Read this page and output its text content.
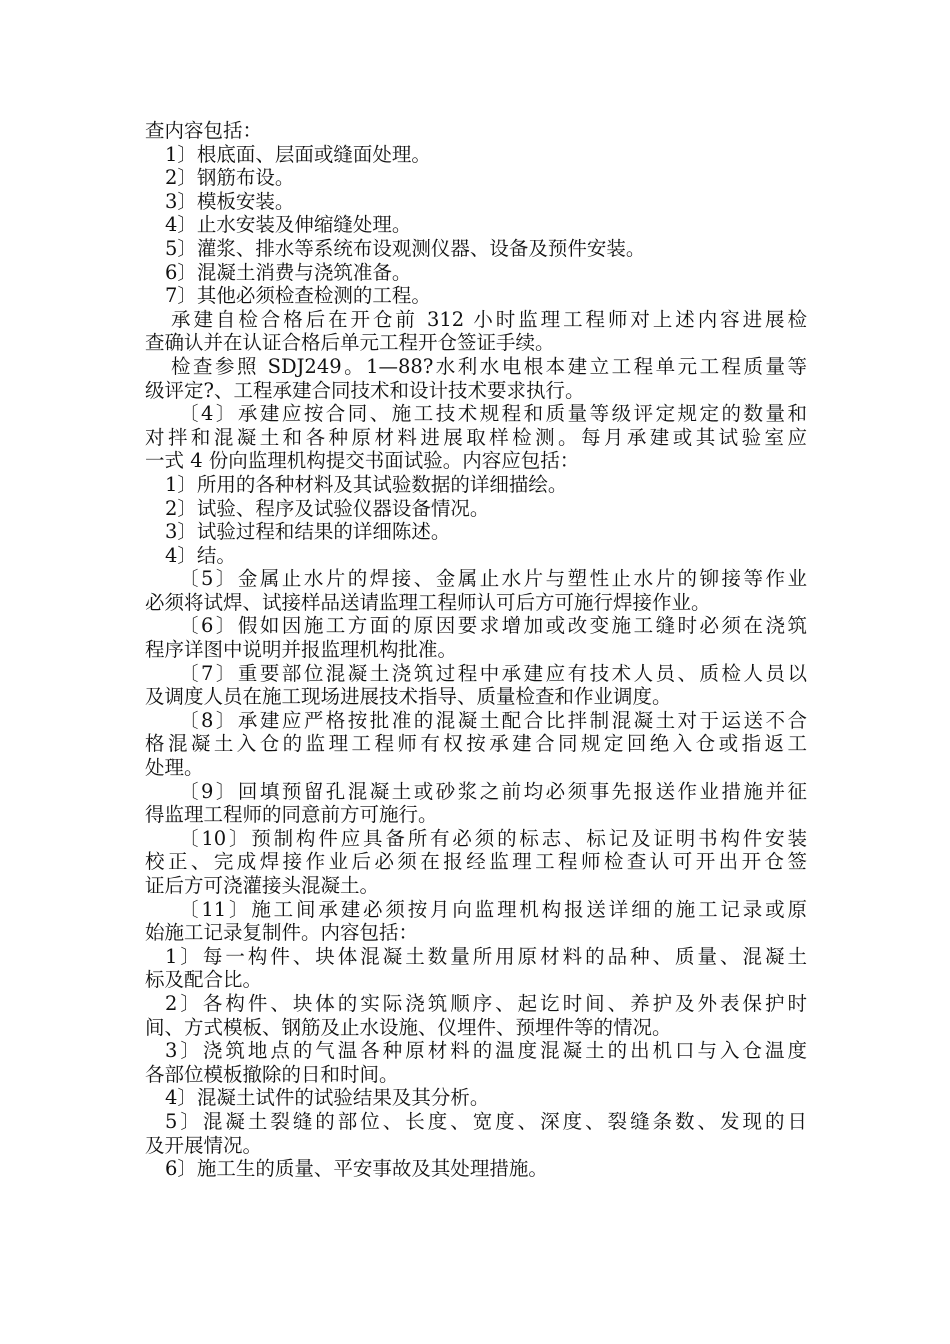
查内容包括：
1〕根底面、层面或缝面处理。
2〕钢筋布设。
3〕模板安装。
4〕止水安装及伸缩缝处理。
5〕灌浆、排水等系统布设观测仪器、设备及预件安装。
6〕混凝土消费与浇筑准备。
7〕其他必须检查检测的工程。
承建自检合格后在开仓前 312 小时监理工程师对上述内容进展检
查确认并在认证合格后单元工程开仓签证手续。
检查参照 SDJ249。1—88?水利水电根本建立工程单元工程质量等
级评定?、工程承建合同技术和设计技术要求执行。
〔4〕承建应按合同、施工技术规程和质量等级评定规定的数量和
对拌和混凝土和各种原材料进展取样检测。每月承建或其试验室应
一式 4 份向监理机构提交书面试验。内容应包括：
1〕所用的各种材料及其试验数据的详细描绘。
2〕试验、程序及试验仪器设备情况。
3〕试验过程和结果的详细陈述。
4〕结。
〔5〕金属止水片的焊接、金属止水片与塑性止水片的铆接等作业
必须将试焊、试接样品送请监理工程师认可后方可施行焊接作业。
〔6〕假如因施工方面的原因要求增加或改变施工缝时必须在浇筑
程序详图中说明并报监理机构批准。
〔7〕重要部位混凝土浇筑过程中承建应有技术人员、质检人员以
及调度人员在施工现场进展技术指导、质量检查和作业调度。
〔8〕承建应严格按批准的混凝土配合比拌制混凝土对于运送不合
格混凝土入仓的监理工程师有权按承建合同规定回绝入仓或指返工
处理。
〔9〕回填预留孔混凝土或砂浆之前均必须事先报送作业措施并征
得监理工程师的同意前方可施行。
〔10〕预制构件应具备所有必须的标志、标记及证明书构件安装
校正、完成焊接作业后必须在报经监理工程师检查认可开出开仓签
证后方可浇灌接头混凝土。
〔11〕施工间承建必须按月向监理机构报送详细的施工记录或原
始施工记录复制件。内容包括：
1〕每一构件、块体混凝土数量所用原材料的品种、质量、混凝土
标及配合比。
2〕各构件、块体的实际浇筑顺序、起讫时间、养护及外表保护时
间、方式模板、钢筋及止水设施、仪埋件、预埋件等的情况。
3〕浇筑地点的气温各种原材料的温度混凝土的出机口与入仓温度
各部位模板撤除的日和时间。
4〕混凝土试件的试验结果及其分析。
5〕混凝土裂缝的部位、长度、宽度、深度、裂缝条数、发现的日
及开展情况。
6〕施工生的质量、平安事故及其处理措施。
